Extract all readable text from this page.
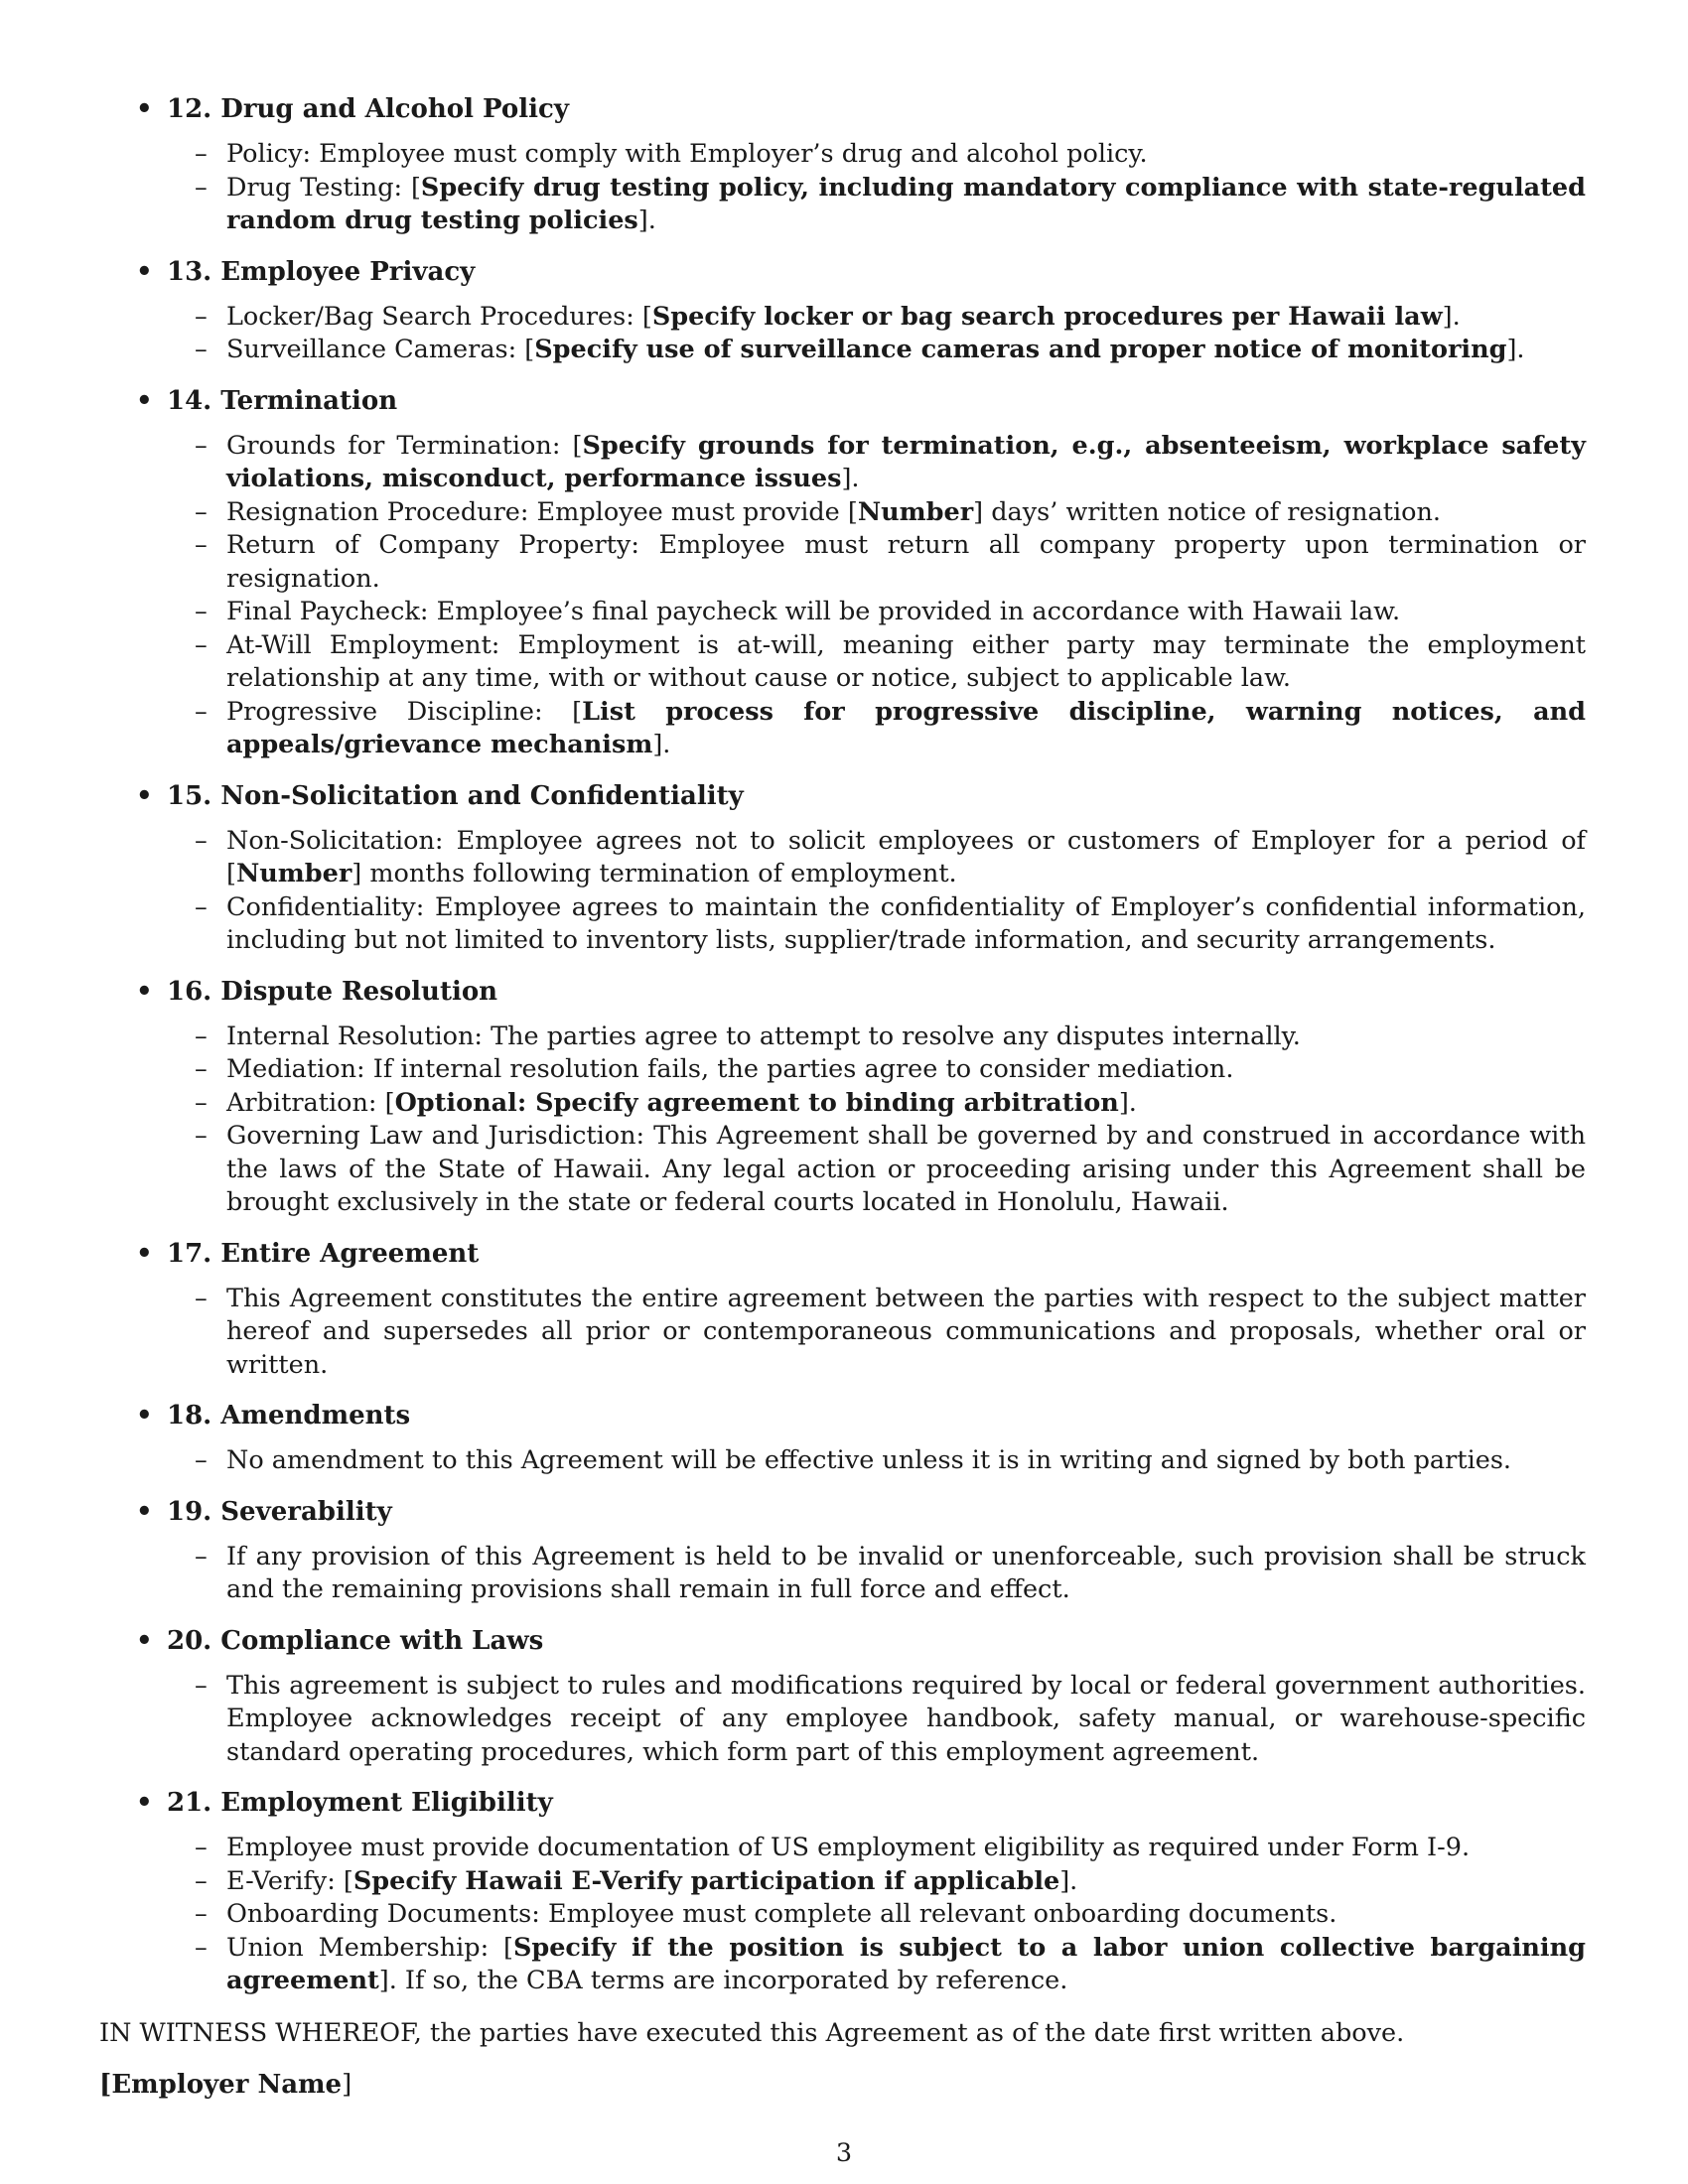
• 12. Drug and Alcohol Policy
– Policy: Employee must comply with Employer’s drug and alcohol policy.
– Drug Testing: [Specify drug testing policy, including mandatory compliance with state-regulated random drug testing policies].
• 13. Employee Privacy
– Locker/Bag Search Procedures: [Specify locker or bag search procedures per Hawaii law].
– Surveillance Cameras: [Specify use of surveillance cameras and proper notice of monitoring].
• 14. Termination
– Grounds for Termination: [Specify grounds for termination, e.g., absenteeism, workplace safety violations, misconduct, performance issues].
– Resignation Procedure: Employee must provide [Number] days’ written notice of resignation.
– Return of Company Property: Employee must return all company property upon termination or resignation.
– Final Paycheck: Employee’s final paycheck will be provided in accordance with Hawaii law.
– At-Will Employment: Employment is at-will, meaning either party may terminate the employment relationship at any time, with or without cause or notice, subject to applicable law.
– Progressive Discipline: [List process for progressive discipline, warning notices, and appeals/grievance mechanism].
• 15. Non-Solicitation and Confidentiality
– Non-Solicitation: Employee agrees not to solicit employees or customers of Employer for a period of [Number] months following termination of employment.
– Confidentiality: Employee agrees to maintain the confidentiality of Employer’s confidential information, including but not limited to inventory lists, supplier/trade information, and security arrangements.
• 16. Dispute Resolution
– Internal Resolution: The parties agree to attempt to resolve any disputes internally.
– Mediation: If internal resolution fails, the parties agree to consider mediation.
– Arbitration: [Optional: Specify agreement to binding arbitration].
– Governing Law and Jurisdiction: This Agreement shall be governed by and construed in accordance with the laws of the State of Hawaii. Any legal action or proceeding arising under this Agreement shall be brought exclusively in the state or federal courts located in Honolulu, Hawaii.
• 17. Entire Agreement
– This Agreement constitutes the entire agreement between the parties with respect to the subject matter hereof and supersedes all prior or contemporaneous communications and proposals, whether oral or written.
• 18. Amendments
– No amendment to this Agreement will be effective unless it is in writing and signed by both parties.
• 19. Severability
– If any provision of this Agreement is held to be invalid or unenforceable, such provision shall be struck and the remaining provisions shall remain in full force and effect.
• 20. Compliance with Laws
– This agreement is subject to rules and modifications required by local or federal government authorities. Employee acknowledges receipt of any employee handbook, safety manual, or warehouse-specific standard operating procedures, which form part of this employment agreement.
• 21. Employment Eligibility
– Employee must provide documentation of US employment eligibility as required under Form I-9.
– E-Verify: [Specify Hawaii E-Verify participation if applicable].
– Onboarding Documents: Employee must complete all relevant onboarding documents.
– Union Membership: [Specify if the position is subject to a labor union collective bargaining agreement]. If so, the CBA terms are incorporated by reference.

IN WITNESS WHEREOF, the parties have executed this Agreement as of the date first written above.

[Employer Name]
3
